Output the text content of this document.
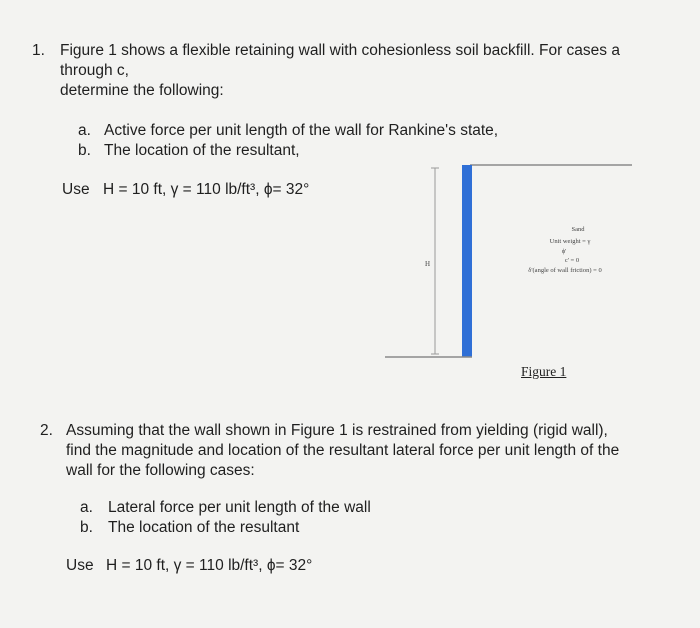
1. Figure 1 shows a flexible retaining wall with cohesionless soil backfill. For cases a
through c,
determine the following:
a. Active force per unit length of the wall for Rankine's state,
b. The location of the resultant,
Use H = 10 ft, γ = 110 lb/ft³, ϕ= 32°
H
Sand
Unit weight = γ
ϕ'
c' = 0
δ'(angle of wall friction) = 0
Figure 1
2. Assuming that the wall shown in Figure 1 is restrained from yielding (rigid wall),
find the magnitude and location of the resultant lateral force per unit length of the
wall for the following cases:
a. Lateral force per unit length of the wall
b. The location of the resultant
Use H = 10 ft, γ = 110 lb/ft³, ϕ= 32°
